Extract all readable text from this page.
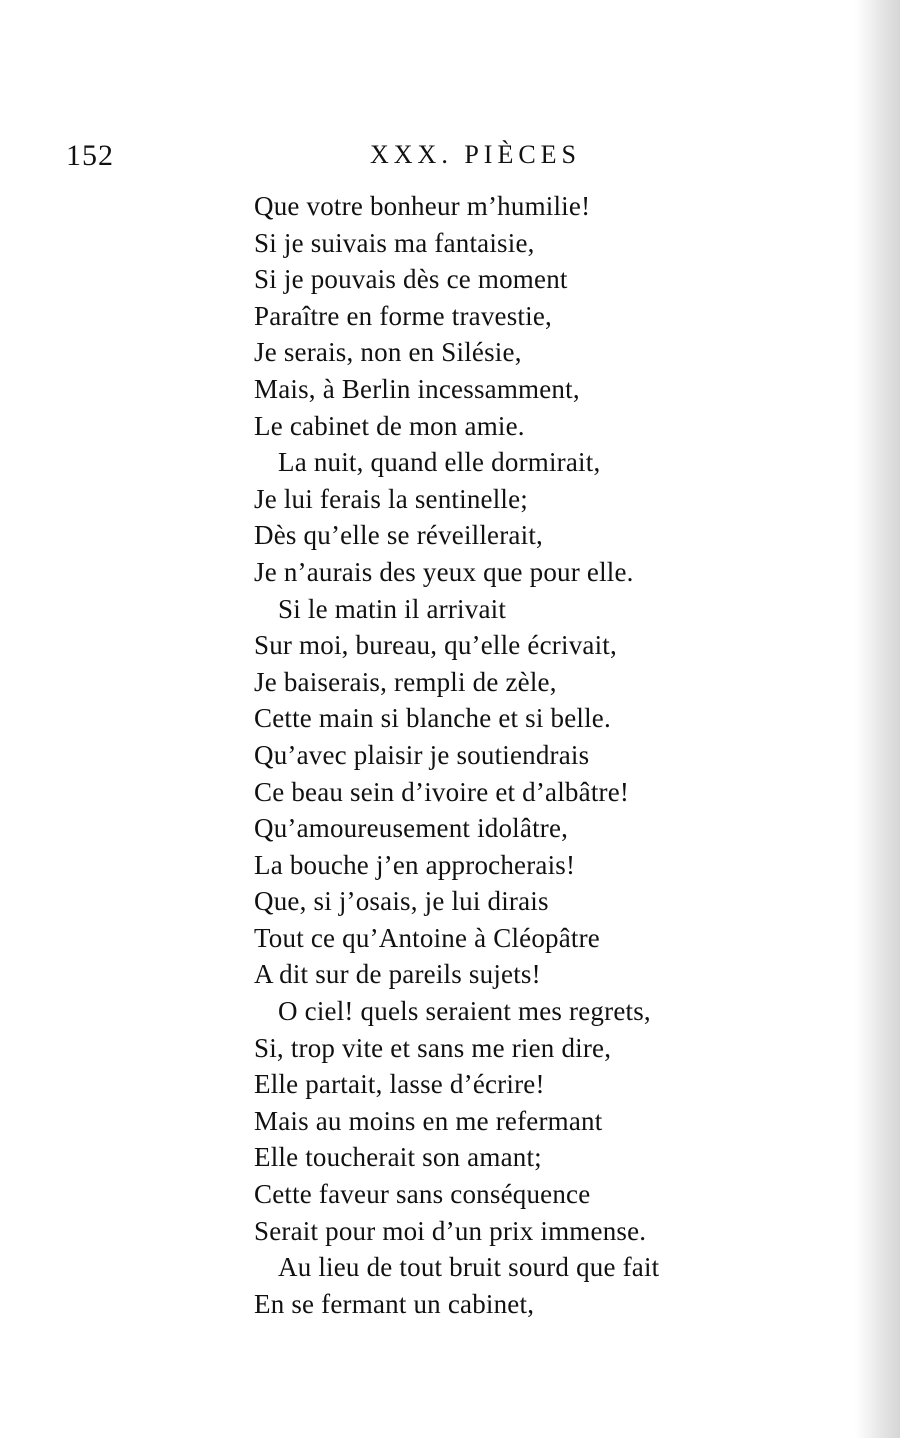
152	XXX. PIÈCES
Que votre bonheur m’humilie!
Si je suivais ma fantaisie,
Si je pouvais dès ce moment
Paraître en forme travestie,
Je serais, non en Silésie,
Mais, à Berlin incessamment,
Le cabinet de mon amie.
La nuit, quand elle dormirait,
Je lui ferais la sentinelle;
Dès qu’elle se réveillerait,
Je n’aurais des yeux que pour elle.
Si le matin il arrivait
Sur moi, bureau, qu’elle écrivait,
Je baiserais, rempli de zèle,
Cette main si blanche et si belle.
Qu’avec plaisir je soutiendrais
Ce beau sein d’ivoire et d’albâtre!
Qu’amoureusement idolâtre,
La bouche j’en approcherais!
Que, si j’osais, je lui dirais
Tout ce qu’Antoine à Cléopâtre
A dit sur de pareils sujets!
O ciel! quels seraient mes regrets,
Si, trop vite et sans me rien dire,
Elle partait, lasse d’écrire!
Mais au moins en me refermant
Elle toucherait son amant;
Cette faveur sans conséquence
Serait pour moi d’un prix immense.
Au lieu de tout bruit sourd que fait
En se fermant un cabinet,
